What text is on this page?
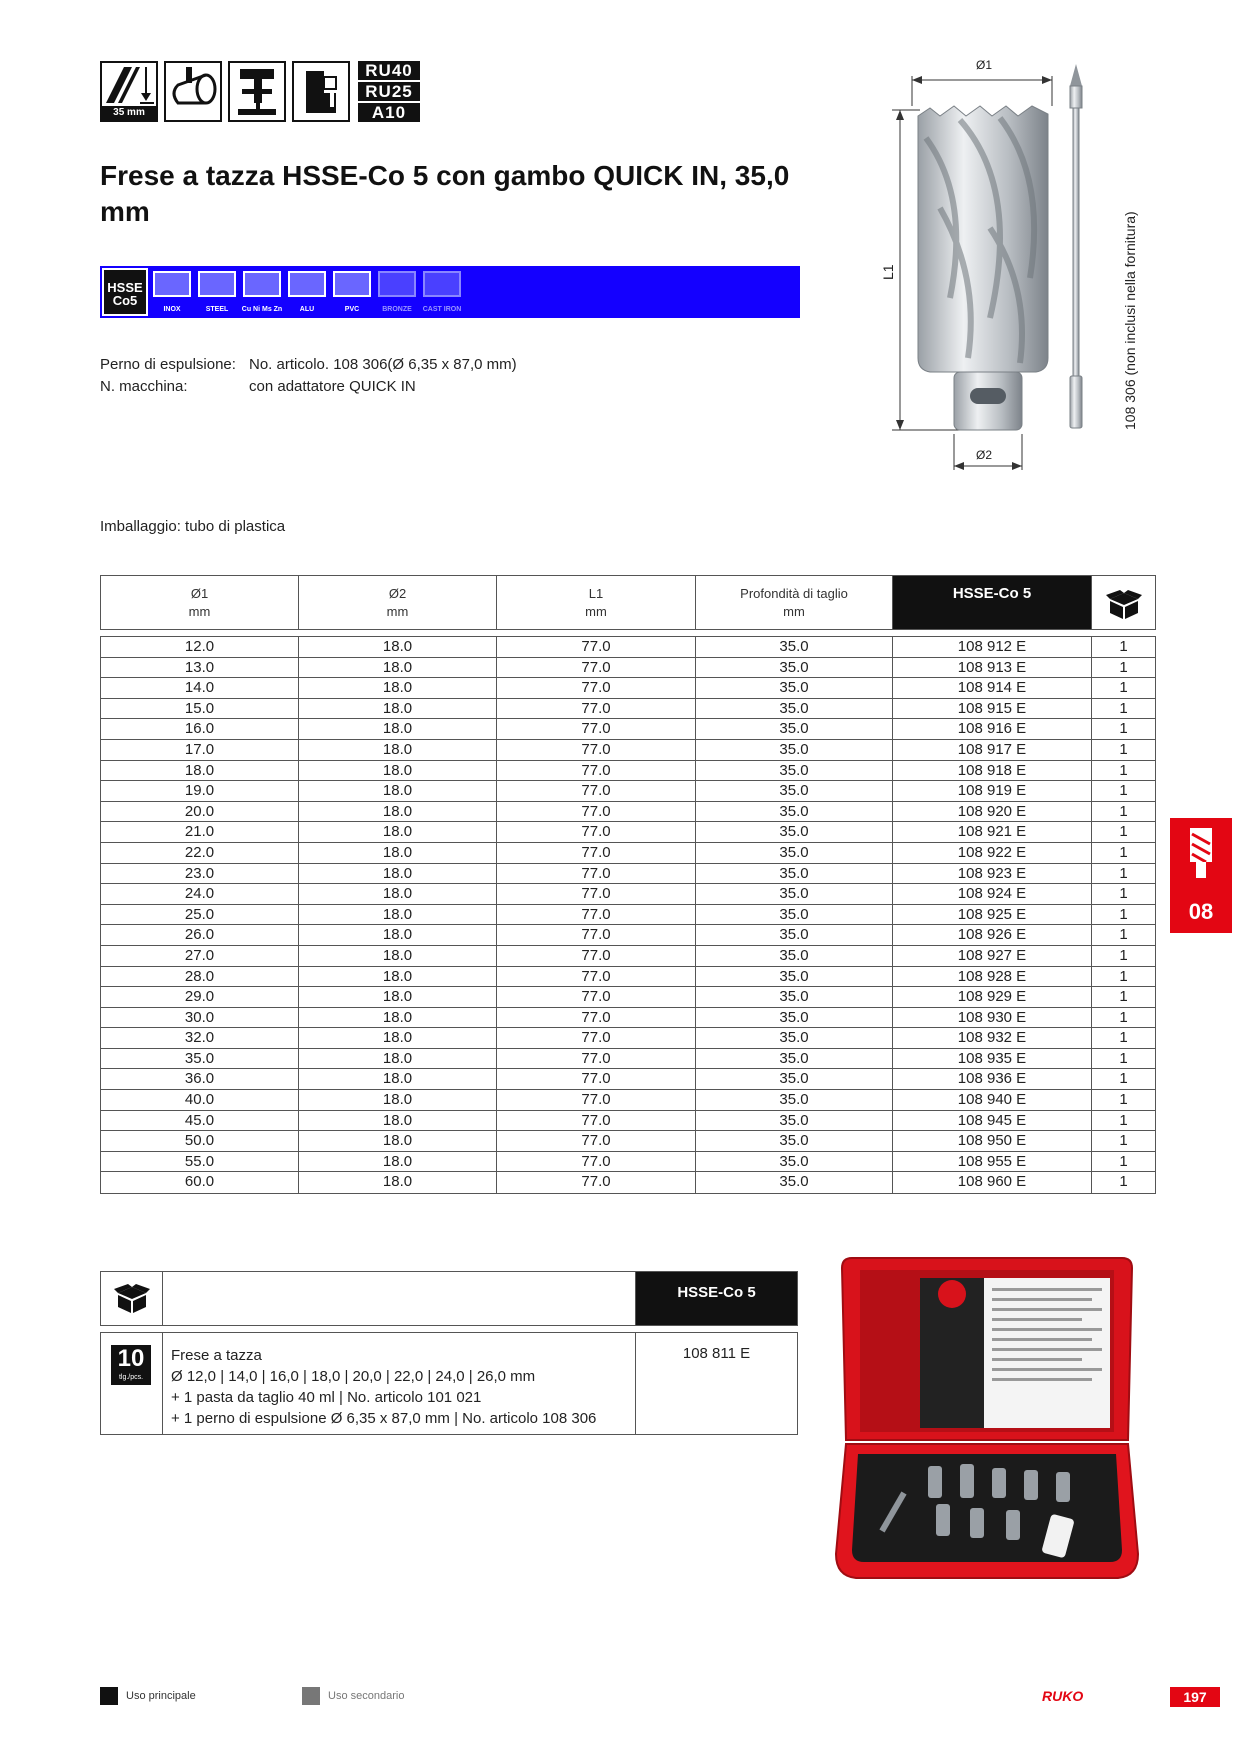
35 mm
RU40
RU25
A10
Frese a tazza HSSE-Co 5 con gambo QUICK IN, 35,0 mm
HSSE
Co5
INOX	STEEL	Cu Ni Ms Zn	ALU	PVC	BRONZE	CAST IRON
Perno di espulsione: No. articolo. 108 306(Ø 6,35 x 87,0 mm)
N. macchina:	con adattatore QUICK IN
Imballaggio: tubo di plastica
Ø1
Ø2
L1	108 306 (non inclusi nella fornitura)
Ø1
mm
Ø2
mm
L1
mm
Profondità di taglio
mm
HSSE-Co 5
12.0	18.0	77.0	35.0	108 912 E	1
13.0	18.0	77.0	35.0	108 913 E	1
14.0	18.0	77.0	35.0	108 914 E	1
15.0	18.0	77.0	35.0	108 915 E	1
16.0	18.0	77.0	35.0	108 916 E	1
17.0	18.0	77.0	35.0	108 917 E	1
18.0	18.0	77.0	35.0	108 918 E	1
19.0	18.0	77.0	35.0	108 919 E	1
20.0	18.0	77.0	35.0	108 920 E	1
21.0	18.0	77.0	35.0	108 921 E	1
22.0	18.0	77.0	35.0	108 922 E	1
23.0	18.0	77.0	35.0	108 923 E	1
24.0	18.0	77.0	35.0	108 924 E	1
25.0	18.0	77.0	35.0	108 925 E	1
26.0	18.0	77.0	35.0	108 926 E	1
27.0	18.0	77.0	35.0	108 927 E	1
28.0	18.0	77.0	35.0	108 928 E	1
29.0	18.0	77.0	35.0	108 929 E	1
30.0	18.0	77.0	35.0	108 930 E	1
32.0	18.0	77.0	35.0	108 932 E	1
35.0	18.0	77.0	35.0	108 935 E	1
36.0	18.0	77.0	35.0	108 936 E	1
40.0	18.0	77.0	35.0	108 940 E	1
45.0	18.0	77.0	35.0	108 945 E	1
50.0	18.0	77.0	35.0	108 950 E	1
55.0	18.0	77.0	35.0	108 955 E	1
60.0	18.0	77.0	35.0	108 960 E	1
HSSE-Co 5
10
tlg./pcs.
Frese a tazza
Ø 12,0 | 14,0 | 16,0 | 18,0 | 20,0 | 22,0 | 24,0 | 26,0 mm
+ 1 pasta da taglio 40 ml | No. articolo 101 021
+ 1 perno di espulsione Ø 6,35 x 87,0 mm | No. articolo 108 306
108 811 E
08
Uso principale	Uso secondario	RUKO	197
